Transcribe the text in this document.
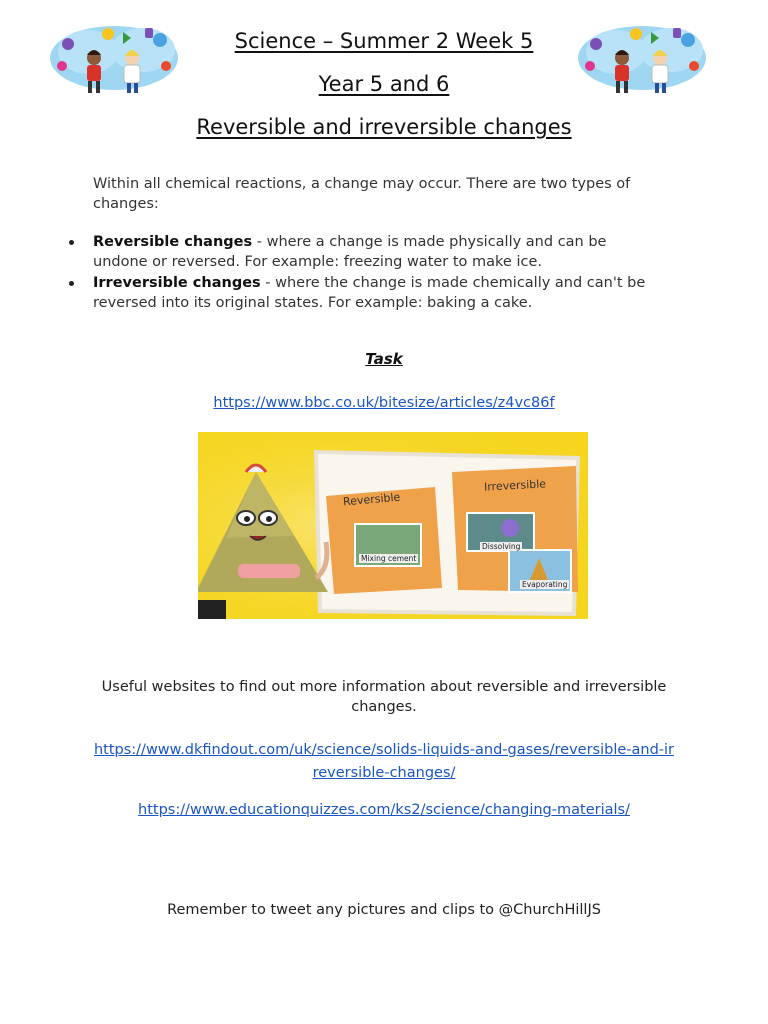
Science – Summer 2 Week 5
Year 5 and 6
Reversible and irreversible changes
Within all chemical reactions, a change may occur. There are two types of changes:
Reversible changes - where a change is made physically and can be undone or reversed. For example: freezing water to make ice.
Irreversible changes - where the change is made chemically and can't be reversed into its original states. For example: baking a cake.
Task
https://www.bbc.co.uk/bitesize/articles/z4vc86f
Reversible
Irreversible
Mixing cement
Dissolving
Evaporating
Useful websites to find out more information about reversible and irreversible changes.
https://www.dkfindout.com/uk/science/solids-liquids-and-gases/reversible-and-irreversible-changes/
https://www.educationquizzes.com/ks2/science/changing-materials/
Remember to tweet any pictures and clips to @ChurchHillJS
